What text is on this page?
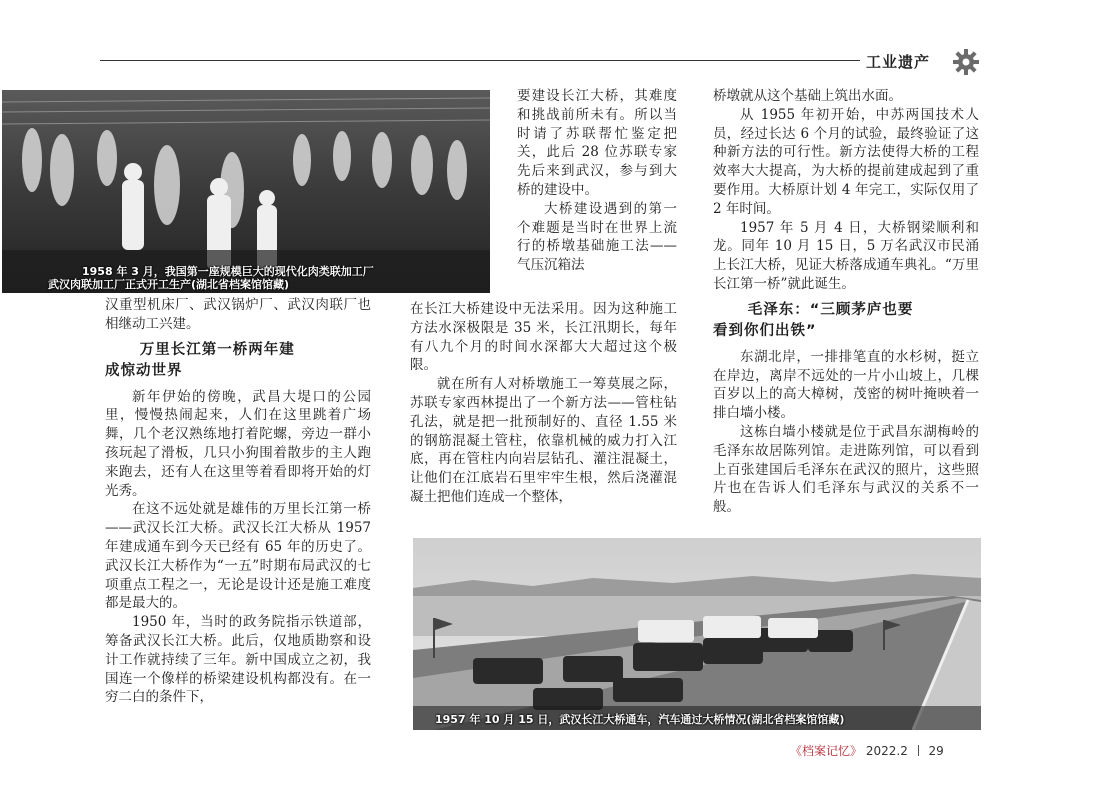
工业遗产
1958 年 3 月，我国第一座规模巨大的现代化肉类联加工厂
武汉肉联加工厂正式开工生产(湖北省档案馆馆藏)

汉重型机床厂、武汉锅炉厂、武汉肉联厂也相继动工兴建。

万里长江第一桥两年建
成惊动世界

新年伊始的傍晚，武昌大堤口的公园里，慢慢热闹起来，人们在这里跳着广场舞，几个老汉熟练地打着陀螺，旁边一群小孩玩起了滑板，几只小狗围着散步的主人跑来跑去，还有人在这里等着看即将开始的灯光秀。

在这不远处就是雄伟的万里长江第一桥——武汉长江大桥。武汉长江大桥从 1957 年建成通车到今天已经有 65 年的历史了。武汉长江大桥作为“一五”时期布局武汉的七项重点工程之一，无论是设计还是施工难度都是最大的。

1950 年，当时的政务院指示铁道部，筹备武汉长江大桥。此后，仅地质勘察和设计工作就持续了三年。新中国成立之初，我国连一个像样的桥梁建设机构都没有。在一穷二白的条件下，

要建设长江大桥，其难度和挑战前所未有。所以当时请了苏联帮忙鉴定把关，此后 28 位苏联专家先后来到武汉，参与到大桥的建设中。

大桥建设遇到的第一个难题是当时在世界上流行的桥墩基础施工法——气压沉箱法

在长江大桥建设中无法采用。因为这种施工方法水深极限是 35 米，长江汛期长，每年有八九个月的时间水深都大大超过这个极限。

就在所有人对桥墩施工一筹莫展之际，苏联专家西林提出了一个新方法——管柱钻孔法，就是把一批预制好的、直径 1.55 米的钢筋混凝土管柱，依靠机械的威力打入江底，再在管柱内向岩层钻孔、灌注混凝土，让他们在江底岩石里牢牢生根，然后浇灌混凝土把他们连成一个整体，

桥墩就从这个基础上筑出水面。

从 1955 年初开始，中苏两国技术人员，经过长达 6 个月的试验，最终验证了这种新方法的可行性。新方法使得大桥的工程效率大大提高，为大桥的提前建成起到了重要作用。大桥原计划 4 年完工，实际仅用了 2 年时间。

1957 年 5 月 4 日，大桥钢梁顺利和龙。同年 10 月 15 日，5 万名武汉市民涌上长江大桥，见证大桥落成通车典礼。“万里长江第一桥”就此诞生。

毛泽东：“三顾茅庐也要
看到你们出铁”

东湖北岸，一排排笔直的水杉树，挺立在岸边，离岸不远处的一片小山坡上，几棵百岁以上的高大樟树，茂密的树叶掩映着一排白墙小楼。

这栋白墙小楼就是位于武昌东湖梅岭的毛泽东故居陈列馆。走进陈列馆，可以看到上百张建国后毛泽东在武汉的照片，这些照片也在告诉人们毛泽东与武汉的关系不一般。

1957 年 10 月 15 日，武汉长江大桥通车，汽车通过大桥情况(湖北省档案馆馆藏)
《档案记忆》 2022.2 29
